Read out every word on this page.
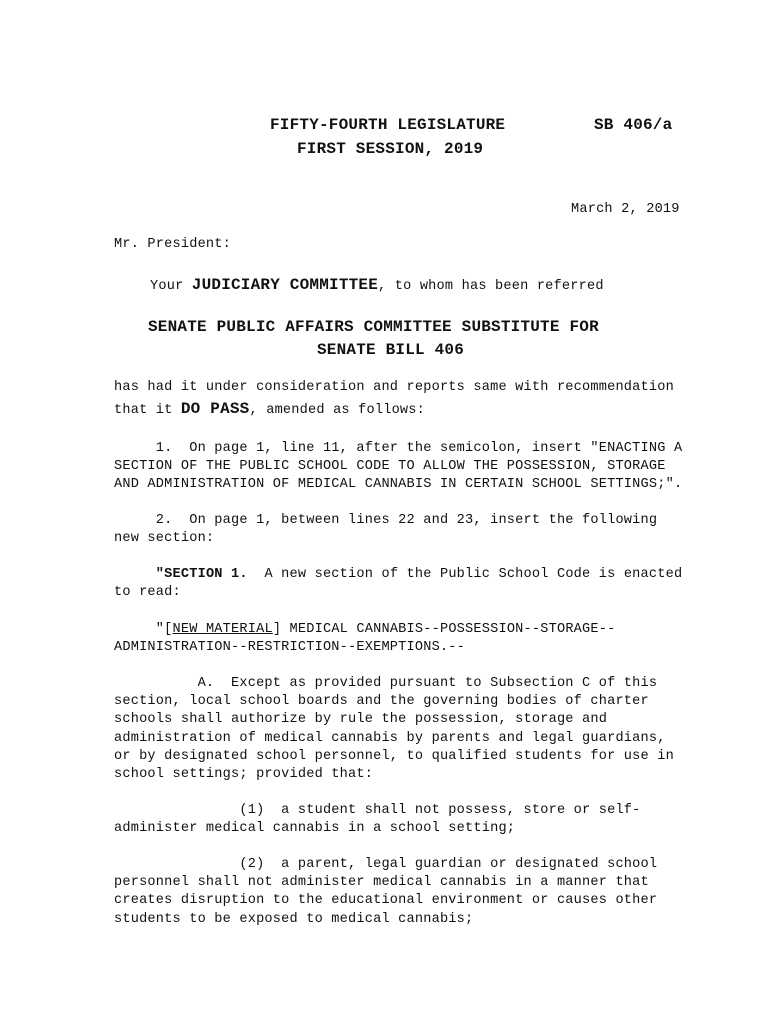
FIFTY-FOURTH LEGISLATURE	SB 406/a
FIRST SESSION, 2019
March 2, 2019
Mr. President:
Your JUDICIARY COMMITTEE, to whom has been referred
SENATE PUBLIC AFFAIRS COMMITTEE SUBSTITUTE FOR
SENATE BILL 406
has had it under consideration and reports same with recommendation
that it DO PASS, amended as follows:
1.  On page 1, line 11, after the semicolon, insert "ENACTING A
SECTION OF THE PUBLIC SCHOOL CODE TO ALLOW THE POSSESSION, STORAGE
AND ADMINISTRATION OF MEDICAL CANNABIS IN CERTAIN SCHOOL SETTINGS;".
2.  On page 1, between lines 22 and 23, insert the following
new section:
"SECTION 1.  A new section of the Public School Code is enacted
to read:
"[NEW MATERIAL] MEDICAL CANNABIS--POSSESSION--STORAGE--
ADMINISTRATION--RESTRICTION--EXEMPTIONS.--
A.  Except as provided pursuant to Subsection C of this
section, local school boards and the governing bodies of charter
schools shall authorize by rule the possession, storage and
administration of medical cannabis by parents and legal guardians,
or by designated school personnel, to qualified students for use in
school settings; provided that:
(1)  a student shall not possess, store or self-
administer medical cannabis in a school setting;
(2)  a parent, legal guardian or designated school
personnel shall not administer medical cannabis in a manner that
creates disruption to the educational environment or causes other
students to be exposed to medical cannabis;
